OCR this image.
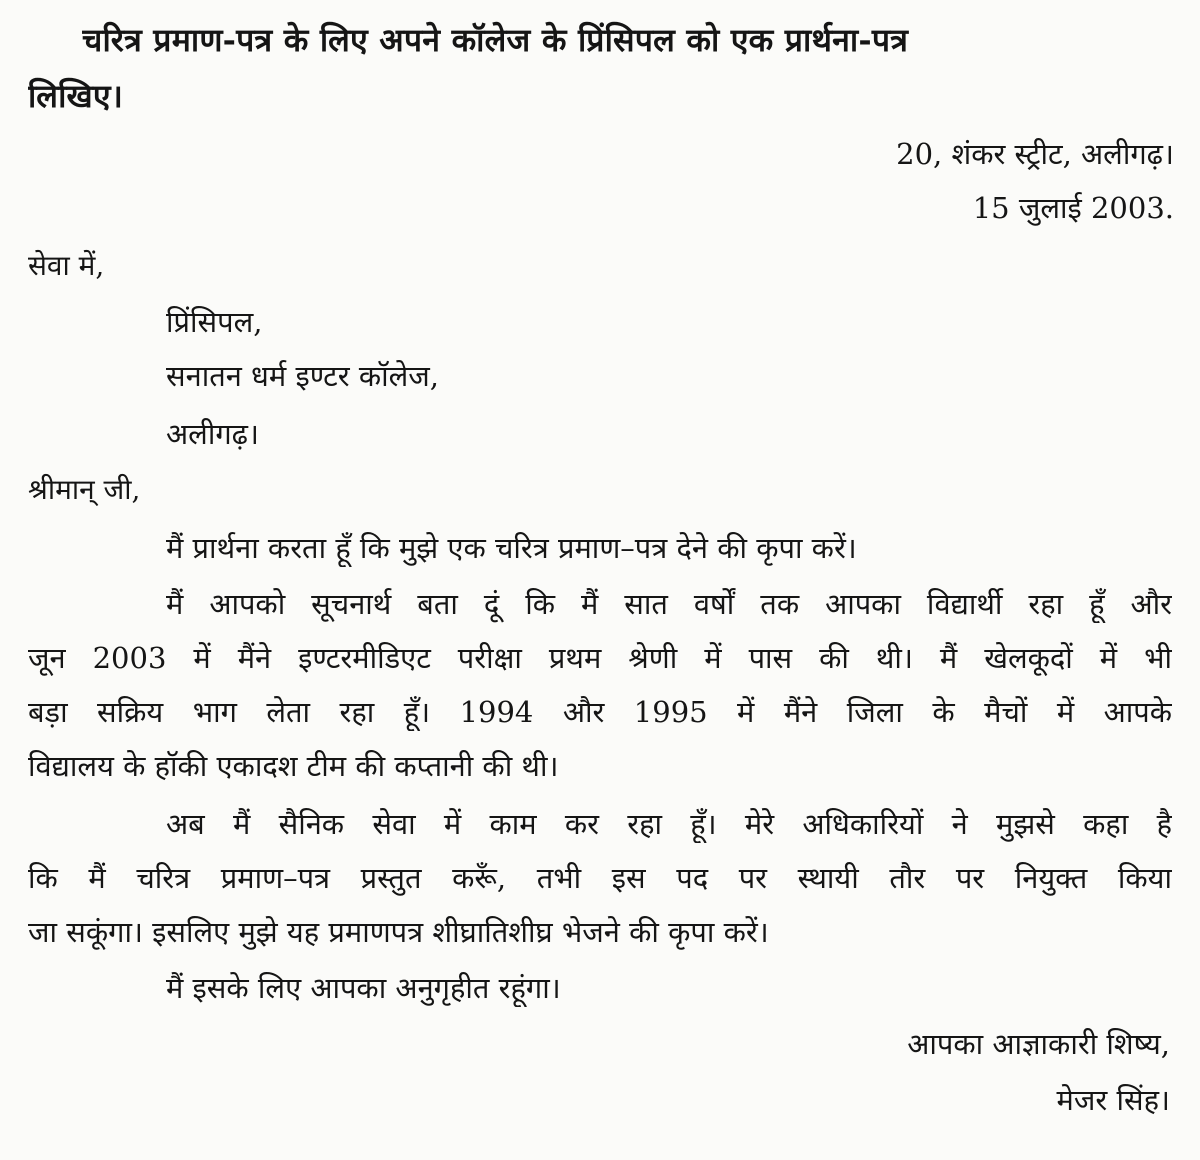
चरित्र प्रमाण-पत्र के लिए अपने कॉलेज के प्रिंसिपल को एक प्रार्थना-पत्र
लिखिए।
20, शंकर स्ट्रीट, अलीगढ़।
15 जुलाई 2003.
सेवा में,
प्रिंसिपल,
सनातन धर्म इण्टर कॉलेज,
अलीगढ़।
श्रीमान् जी,
मैं प्रार्थना करता हूँ कि मुझे एक चरित्र प्रमाण–पत्र देने की कृपा करें।
मैं आपको सूचनार्थ बता दूं कि मैं सात वर्षों तक आपका विद्यार्थी रहा हूँ और
जून 2003 में मैंने इण्टरमीडिएट परीक्षा प्रथम श्रेणी में पास की थी। मैं खेलकूदों में भी
बड़ा सक्रिय भाग लेता रहा हूँ। 1994 और 1995 में मैंने जिला के मैचों में आपके
विद्यालय के हॉकी एकादश टीम की कप्तानी की थी।
अब मैं सैनिक सेवा में काम कर रहा हूँ। मेरे अधिकारियों ने मुझसे कहा है
कि मैं चरित्र प्रमाण–पत्र प्रस्तुत करूँ, तभी इस पद पर स्थायी तौर पर नियुक्त किया
जा सकूंगा। इसलिए मुझे यह प्रमाणपत्र शीघ्रातिशीघ्र भेजने की कृपा करें।
मैं इसके लिए आपका अनुगृहीत रहूंगा।
आपका आज्ञाकारी शिष्य,
मेजर सिंह।
